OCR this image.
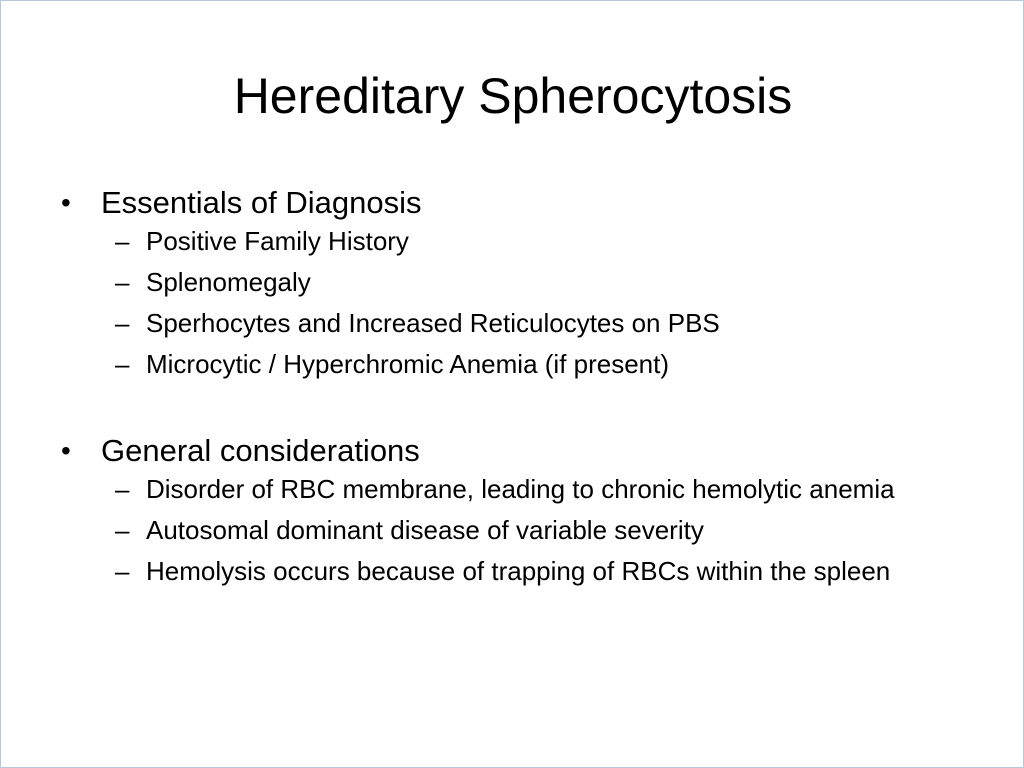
Hereditary Spherocytosis
• Essentials of Diagnosis
– Positive Family History
– Splenomegaly
– Sperhocytes and Increased Reticulocytes on PBS
– Microcytic / Hyperchromic Anemia (if present)
• General considerations
– Disorder of RBC membrane, leading to chronic hemolytic anemia
– Autosomal dominant disease of variable severity
– Hemolysis occurs because of trapping of RBCs within the spleen
